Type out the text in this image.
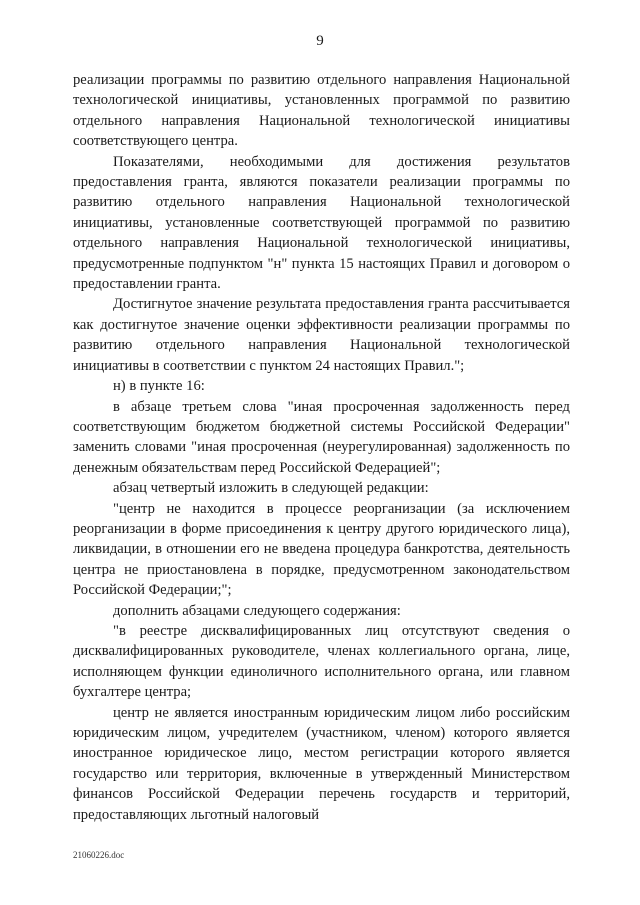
9

реализации программы по развитию отдельного направления Национальной технологической инициативы, установленных программой по развитию отдельного направления Национальной технологической инициативы соответствующего центра.

Показателями, необходимыми для достижения результатов предоставления гранта, являются показатели реализации программы по развитию отдельного направления Национальной технологической инициативы, установленные соответствующей программой по развитию отдельного направления Национальной технологической инициативы, предусмотренные подпунктом "н" пункта 15 настоящих Правил и договором о предоставлении гранта.

Достигнутое значение результата предоставления гранта рассчитывается как достигнутое значение оценки эффективности реализации программы по развитию отдельного направления Национальной технологической инициативы в соответствии с пунктом 24 настоящих Правил.";

н) в пункте 16:

в абзаце третьем слова "иная просроченная задолженность перед соответствующим бюджетом бюджетной системы Российской Федерации" заменить словами "иная просроченная (неурегулированная) задолженность по денежным обязательствам перед Российской Федерацией";

абзац четвертый изложить в следующей редакции:

"центр не находится в процессе реорганизации (за исключением реорганизации в форме присоединения к центру другого юридического лица), ликвидации, в отношении его не введена процедура банкротства, деятельность центра не приостановлена в порядке, предусмотренном законодательством Российской Федерации;";

дополнить абзацами следующего содержания:

"в реестре дисквалифицированных лиц отсутствуют сведения о дисквалифицированных руководителе, членах коллегиального органа, лице, исполняющем функции единоличного исполнительного органа, или главном бухгалтере центра;

центр не является иностранным юридическим лицом либо российским юридическим лицом, учредителем (участником, членом) которого является иностранное юридическое лицо, местом регистрации которого является государство или территория, включенные в утвержденный Министерством финансов Российской Федерации перечень государств и территорий, предоставляющих льготный налоговый

21060226.doc
